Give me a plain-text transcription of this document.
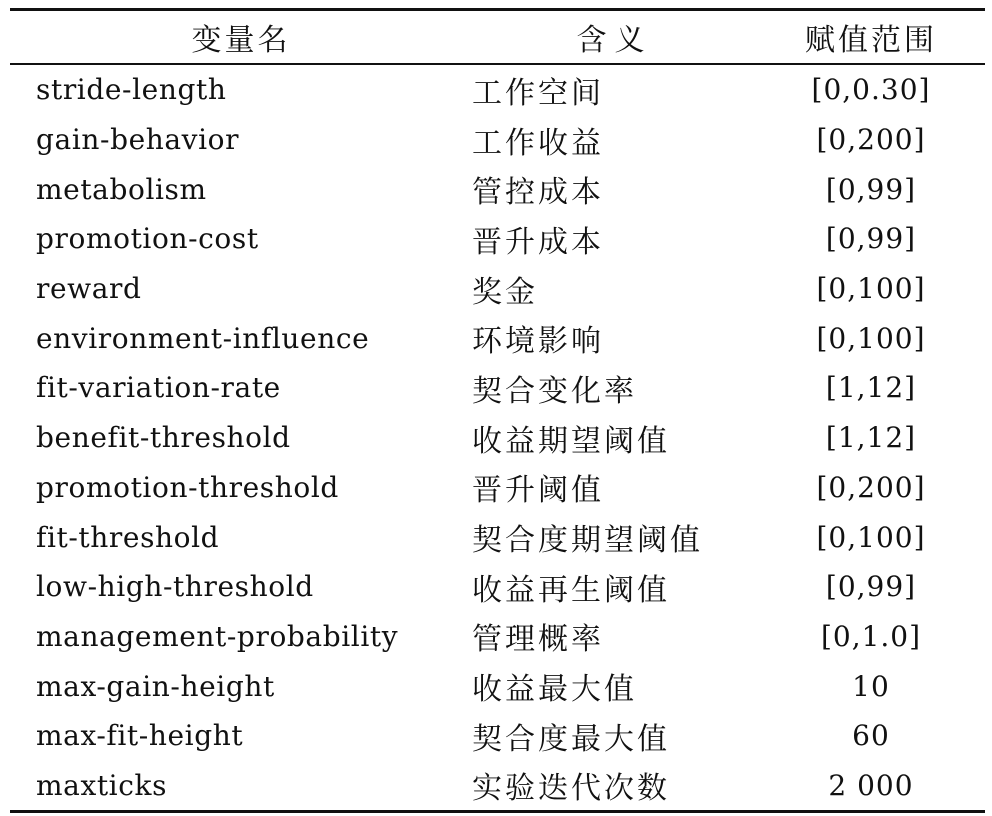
变量名	含义	赋值范围
stride-length	工作空间	[0,0.30]
gain-behavior	工作收益	[0,200]
metabolism	管控成本	[0,99]
promotion-cost	晋升成本	[0,99]
reward	奖金	[0,100]
environment-influence	环境影响	[0,100]
fit-variation-rate	契合变化率	[1,12]
benefit-threshold	收益期望阈值	[1,12]
promotion-threshold	晋升阈值	[0,200]
fit-threshold	契合度期望阈值	[0,100]
low-high-threshold	收益再生阈值	[0,99]
management-probability	管理概率	[0,1.0]
max-gain-height	收益最大值	10
max-fit-height	契合度最大值	60
maxticks	实验迭代次数	2 000
